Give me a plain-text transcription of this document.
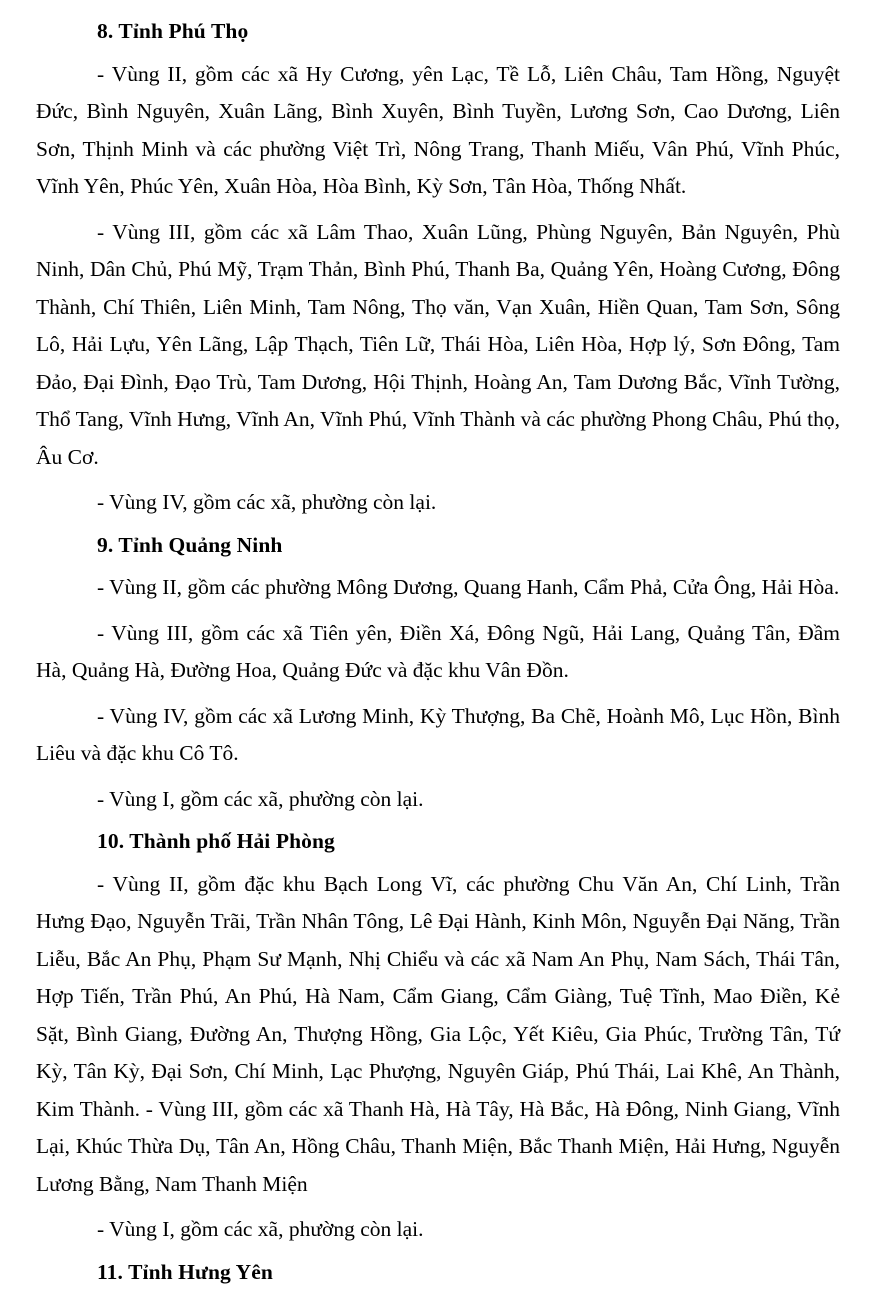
8. Tỉnh Phú Thọ

- Vùng II, gồm các xã Hy Cương, yên Lạc, Tề Lỗ, Liên Châu, Tam Hồng, Nguyệt Đức, Bình Nguyên, Xuân Lãng, Bình Xuyên, Bình Tuyền, Lương Sơn, Cao Dương, Liên Sơn, Thịnh Minh và các phường Việt Trì, Nông Trang, Thanh Miếu, Vân Phú, Vĩnh Phúc, Vĩnh Yên, Phúc Yên, Xuân Hòa, Hòa Bình, Kỳ Sơn, Tân Hòa, Thống Nhất.

- Vùng III, gồm các xã Lâm Thao, Xuân Lũng, Phùng Nguyên, Bản Nguyên, Phù Ninh, Dân Chủ, Phú Mỹ, Trạm Thản, Bình Phú, Thanh Ba, Quảng Yên, Hoàng Cương, Đông Thành, Chí Thiên, Liên Minh, Tam Nông, Thọ văn, Vạn Xuân, Hiền Quan, Tam Sơn, Sông Lô, Hải Lựu, Yên Lãng, Lập Thạch, Tiên Lữ, Thái Hòa, Liên Hòa, Hợp lý, Sơn Đông, Tam Đảo, Đại Đình, Đạo Trù, Tam Dương, Hội Thịnh, Hoàng An, Tam Dương Bắc, Vĩnh Tường, Thổ Tang, Vĩnh Hưng, Vĩnh An, Vĩnh Phú, Vĩnh Thành và các phường Phong Châu, Phú thọ, Âu Cơ.

- Vùng IV, gồm các xã, phường còn lại.

9. Tỉnh Quảng Ninh

- Vùng II, gồm các phường Mông Dương, Quang Hanh, Cẩm Phả, Cửa Ông, Hải Hòa.

- Vùng III, gồm các xã Tiên yên, Điền Xá, Đông Ngũ, Hải Lang, Quảng Tân, Đầm Hà, Quảng Hà, Đường Hoa, Quảng Đức và đặc khu Vân Đồn.

- Vùng IV, gồm các xã Lương Minh, Kỳ Thượng, Ba Chẽ, Hoành Mô, Lục Hồn, Bình Liêu và đặc khu Cô Tô.

- Vùng I, gồm các xã, phường còn lại.

10. Thành phố Hải Phòng

- Vùng II, gồm đặc khu Bạch Long Vĩ, các phường Chu Văn An, Chí Linh, Trần Hưng Đạo, Nguyễn Trãi, Trần Nhân Tông, Lê Đại Hành, Kinh Môn, Nguyễn Đại Năng, Trần Liễu, Bắc An Phụ, Phạm Sư Mạnh, Nhị Chiểu và các xã Nam An Phụ, Nam Sách, Thái Tân, Hợp Tiến, Trần Phú, An Phú, Hà Nam, Cẩm Giang, Cẩm Giàng, Tuệ Tĩnh, Mao Điền, Kẻ Sặt, Bình Giang, Đường An, Thượng Hồng, Gia Lộc, Yết Kiêu, Gia Phúc, Trường Tân, Tứ Kỳ, Tân Kỳ, Đại Sơn, Chí Minh, Lạc Phượng, Nguyên Giáp, Phú Thái, Lai Khê, An Thành, Kim Thành. - Vùng III, gồm các xã Thanh Hà, Hà Tây, Hà Bắc, Hà Đông, Ninh Giang, Vĩnh Lại, Khúc Thừa Dụ, Tân An, Hồng Châu, Thanh Miện, Bắc Thanh Miện, Hải Hưng, Nguyễn Lương Bằng, Nam Thanh Miện

- Vùng I, gồm các xã, phường còn lại.

11. Tỉnh Hưng Yên
